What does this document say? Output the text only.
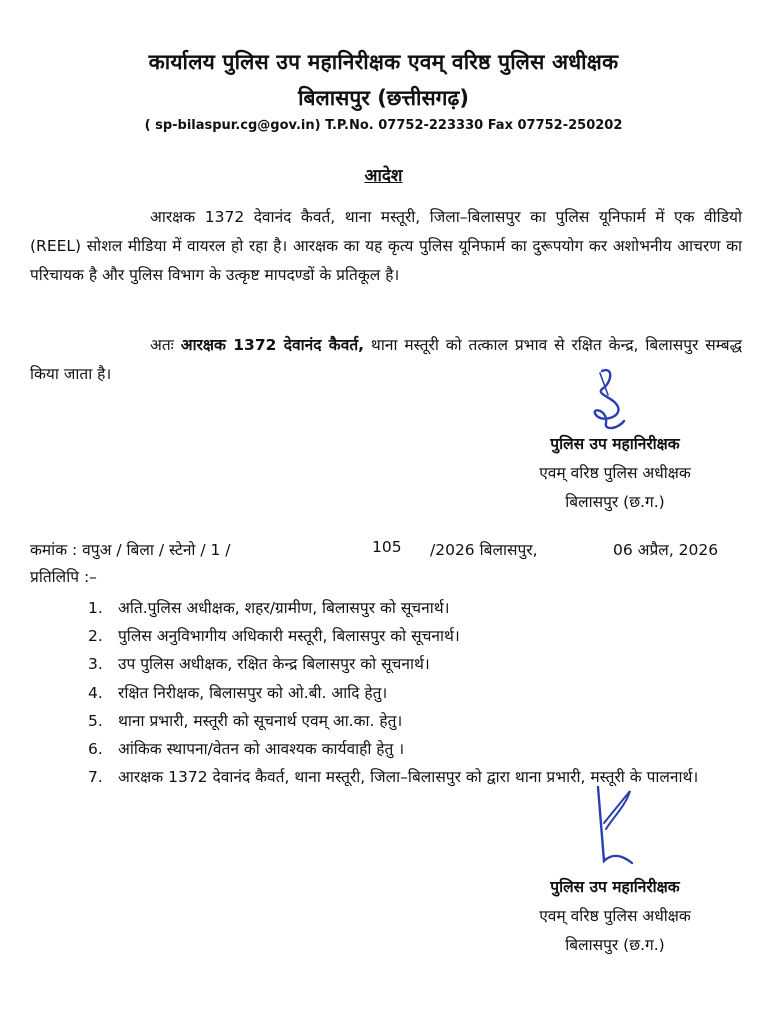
कार्यालय पुलिस उप महानिरीक्षक एवम् वरिष्ठ पुलिस अधीक्षक
बिलासपुर (छत्तीसगढ़)
( sp-bilaspur.cg@gov.in) T.P.No. 07752-223330 Fax 07752-250202
आदेश
आरक्षक 1372 देवानंद कैवर्त, थाना मस्तूरी, जिला–बिलासपुर का पुलिस यूनिफार्म में एक वीडियो (REEL) सोशल मीडिया में वायरल हो रहा है। आरक्षक का यह कृत्य पुलिस यूनिफार्म का दुरूपयोग कर अशोभनीय आचरण का परिचायक है और पुलिस विभाग के उत्कृष्ट मापदण्डों के प्रतिकूल है।
अतः आरक्षक 1372 देवानंद कैवर्त, थाना मस्तूरी को तत्काल प्रभाव से रक्षित केन्द्र, बिलासपुर सम्बद्ध किया जाता है।
पुलिस उप महानिरीक्षक
एवम् वरिष्ठ पुलिस अधीक्षक
बिलासपुर (छ.ग.)
कमांक : वपुअ / बिला / स्टेनो / 1 /	105 /2026 बिलासपुर,	06 अप्रैल, 2026
प्रतिलिपि :–
1. अति.पुलिस अधीक्षक, शहर/ग्रामीण, बिलासपुर को सूचनार्थ।
2. पुलिस अनुविभागीय अधिकारी मस्तूरी, बिलासपुर को सूचनार्थ।
3. उप पुलिस अधीक्षक, रक्षित केन्द्र बिलासपुर को सूचनार्थ।
4. रक्षित निरीक्षक, बिलासपुर को ओ.बी. आदि हेतु।
5. थाना प्रभारी, मस्तूरी को सूचनार्थ एवम् आ.का. हेतु।
6. आंकिक स्थापना/वेतन को आवश्यक कार्यवाही हेतु ।
7. आरक्षक 1372 देवानंद कैवर्त, थाना मस्तूरी, जिला–बिलासपुर को द्वारा थाना प्रभारी, मस्तूरी के पालनार्थ।
पुलिस उप महानिरीक्षक
एवम् वरिष्ठ पुलिस अधीक्षक
बिलासपुर (छ.ग.)
